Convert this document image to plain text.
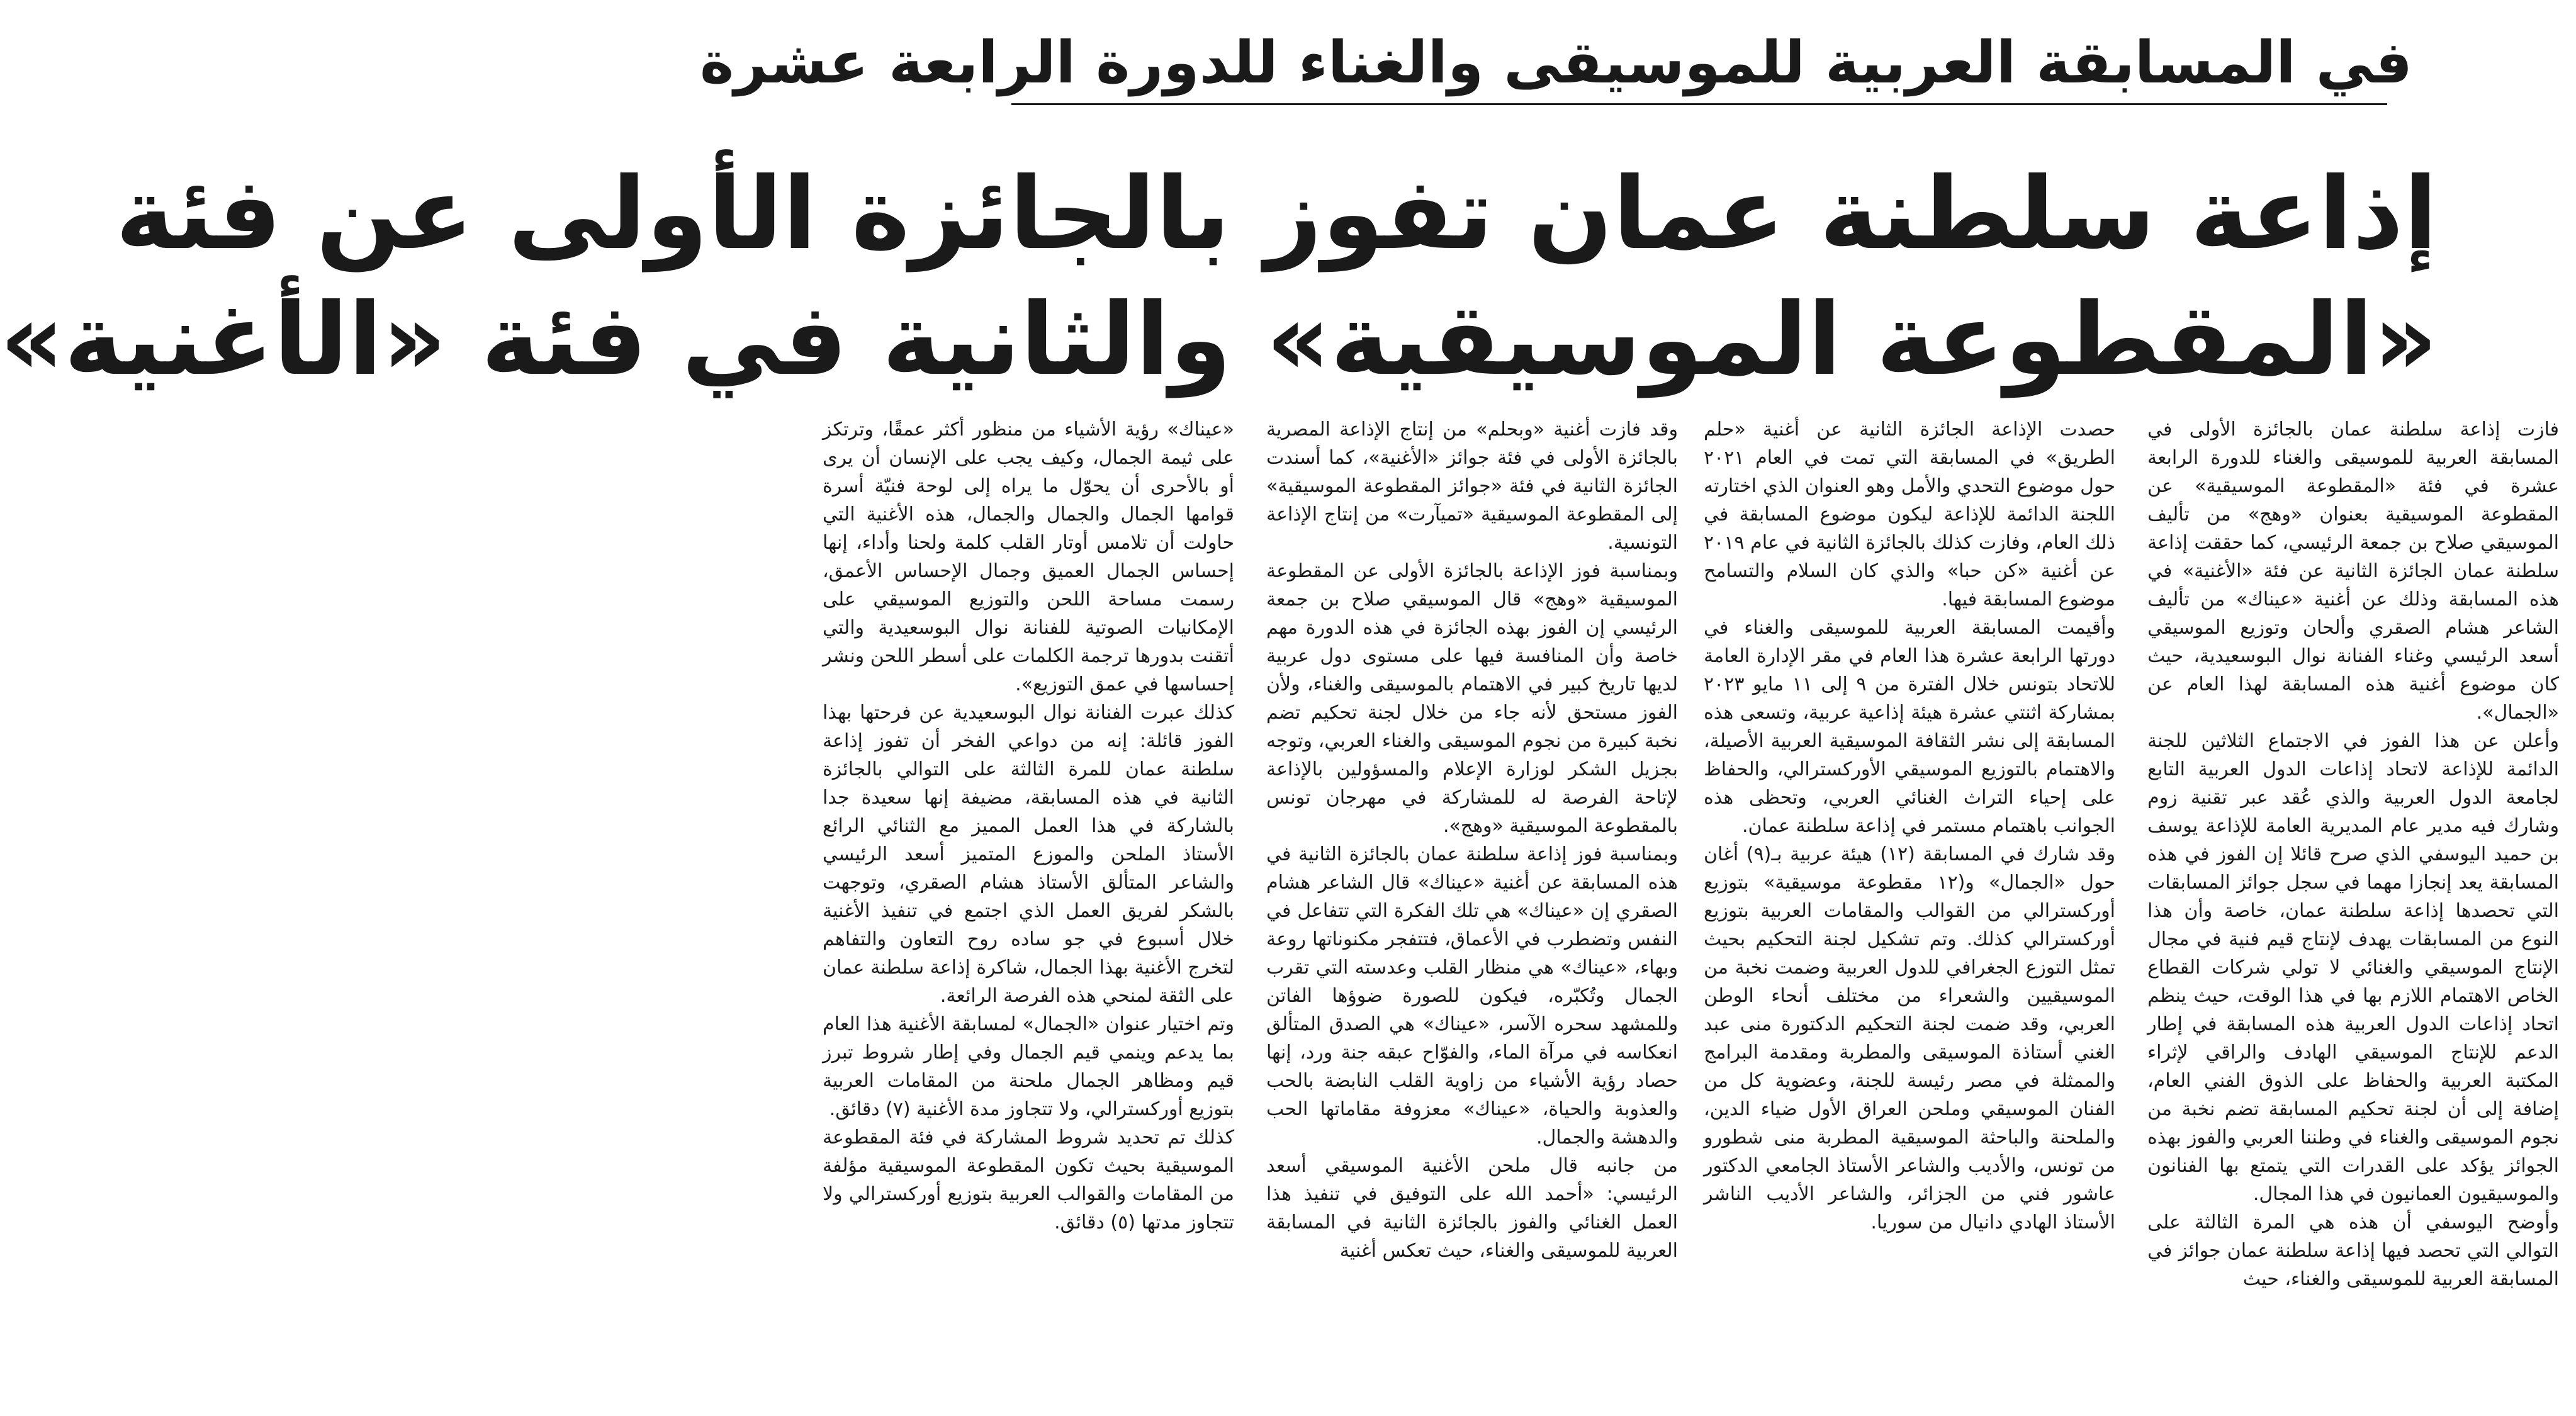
في المسابقة العربية للموسيقى والغناء للدورة الرابعة عشرة
إذاعة سلطنة عمان تفوز بالجائزة الأولى عن فئة
«المقطوعة الموسيقية» والثانية في فئة «الأغنية»

فازت إذاعة سلطنة عمان بالجائزة الأولى في المسابقة العربية للموسيقى والغناء للدورة الرابعة عشرة في فئة «المقطوعة الموسيقية» عن المقطوعة الموسيقية بعنوان «وهج» من تأليف الموسيقي صلاح بن جمعة الرئيسي، كما حققت إذاعة سلطنة عمان الجائزة الثانية عن فئة «الأغنية» في هذه المسابقة وذلك عن أغنية «عيناك» من تأليف الشاعر هشام الصقري وألحان وتوزيع الموسيقي أسعد الرئيسي وغناء الفنانة نوال البوسعيدية، حيث كان موضوع أغنية هذه المسابقة لهذا العام عن «الجمال».

وأعلن عن هذا الفوز في الاجتماع الثلاثين للجنة الدائمة للإذاعة لاتحاد إذاعات الدول العربية التابع لجامعة الدول العربية والذي عُقد عبر تقنية زوم وشارك فيه مدير عام المديرية العامة للإذاعة يوسف بن حميد اليوسفي الذي صرح قائلا إن الفوز في هذه المسابقة يعد إنجازا مهما في سجل جوائز المسابقات التي تحصدها إذاعة سلطنة عمان، خاصة وأن هذا النوع من المسابقات يهدف لإنتاج قيم فنية في مجال الإنتاج الموسيقي والغنائي لا تولي شركات القطاع الخاص الاهتمام اللازم بها في هذا الوقت، حيث ينظم اتحاد إذاعات الدول العربية هذه المسابقة في إطار الدعم للإنتاج الموسيقي الهادف والراقي لإثراء المكتبة العربية والحفاظ على الذوق الفني العام، إضافة إلى أن لجنة تحكيم المسابقة تضم نخبة من نجوم الموسيقى والغناء في وطننا العربي والفوز بهذه الجوائز يؤكد على القدرات التي يتمتع بها الفنانون والموسيقيون العمانيون في هذا المجال.

وأوضح اليوسفي أن هذه هي المرة الثالثة على التوالي التي تحصد فيها إذاعة سلطنة عمان جوائز في المسابقة العربية للموسيقى والغناء، حيث

حصدت الإذاعة الجائزة الثانية عن أغنية «حلم الطريق» في المسابقة التي تمت في العام ٢٠٢١ حول موضوع التحدي والأمل وهو العنوان الذي اختارته اللجنة الدائمة للإذاعة ليكون موضوع المسابقة في ذلك العام، وفازت كذلك بالجائزة الثانية في عام ٢٠١٩ عن أغنية «كن حبا» والذي كان السلام والتسامح موضوع المسابقة فيها.

وأقيمت المسابقة العربية للموسيقى والغناء في دورتها الرابعة عشرة هذا العام في مقر الإدارة العامة للاتحاد بتونس خلال الفترة من ٩ إلى ١١ مايو ٢٠٢٣ بمشاركة اثنتي عشرة هيئة إذاعية عربية، وتسعى هذه المسابقة إلى نشر الثقافة الموسيقية العربية الأصيلة، والاهتمام بالتوزيع الموسيقي الأوركسترالي، والحفاظ على إحياء التراث الغنائي العربي، وتحظى هذه الجوانب باهتمام مستمر في إذاعة سلطنة عمان.

وقد شارك في المسابقة (١٢) هيئة عربية بـ(٩) أغان حول «الجمال» و(١٢ مقطوعة موسيقية» بتوزيع أوركسترالي من القوالب والمقامات العربية بتوزيع أوركسترالي كذلك. وتم تشكيل لجنة التحكيم بحيث تمثل التوزع الجغرافي للدول العربية وضمت نخبة من الموسيقيين والشعراء من مختلف أنحاء الوطن العربي، وقد ضمت لجنة التحكيم الدكتورة منى عبد الغني أستاذة الموسيقى والمطربة ومقدمة البرامج والممثلة في مصر رئيسة للجنة، وعضوية كل من الفنان الموسيقي وملحن العراق الأول ضياء الدين، والملحنة والباحثة الموسيقية المطربة منى شطورو من تونس، والأديب والشاعر الأستاذ الجامعي الدكتور عاشور فني من الجزائر، والشاعر الأديب الناشر الأستاذ الهادي دانيال من سوريا.

وقد فازت أغنية «وبحلم» من إنتاج الإذاعة المصرية بالجائزة الأولى في فئة جوائز «الأغنية»، كما أسندت الجائزة الثانية في فئة «جوائز المقطوعة الموسيقية» إلى المقطوعة الموسيقية «تميآرت» من إنتاج الإذاعة التونسية.

وبمناسبة فوز الإذاعة بالجائزة الأولى عن المقطوعة الموسيقية «وهج» قال الموسيقي صلاح بن جمعة الرئيسي إن الفوز بهذه الجائزة في هذه الدورة مهم خاصة وأن المنافسة فيها على مستوى دول عربية لديها تاريخ كبير في الاهتمام بالموسيقى والغناء، ولأن الفوز مستحق لأنه جاء من خلال لجنة تحكيم تضم نخبة كبيرة من نجوم الموسيقى والغناء العربي، وتوجه بجزيل الشكر لوزارة الإعلام والمسؤولين بالإذاعة لإتاحة الفرصة له للمشاركة في مهرجان تونس بالمقطوعة الموسيقية «وهج».

وبمناسبة فوز إذاعة سلطنة عمان بالجائزة الثانية في هذه المسابقة عن أغنية «عيناك» قال الشاعر هشام الصقري إن «عيناك» هي تلك الفكرة التي تتفاعل في النفس وتضطرب في الأعماق، فتتفجر مكنوناتها روعة وبهاء، «عيناك» هي منظار القلب وعدسته التي تقرب الجمال وتُكبّره، فيكون للصورة ضوؤها الفاتن وللمشهد سحره الآسر، «عيناك» هي الصدق المتألق انعكاسه في مرآة الماء، والفوّاح عبقه جنة ورد، إنها حصاد رؤية الأشياء من زاوية القلب النابضة بالحب والعذوبة والحياة، «عيناك» معزوفة مقاماتها الحب والدهشة والجمال.

من جانبه قال ملحن الأغنية الموسيقي أسعد الرئيسي: «أحمد الله على التوفيق في تنفيذ هذا العمل الغنائي والفوز بالجائزة الثانية في المسابقة العربية للموسيقى والغناء، حيث تعكس أغنية

«عيناك» رؤية الأشياء من منظور أكثر عمقًا، وترتكز على ثيمة الجمال، وكيف يجب على الإنسان أن يرى أو بالأحرى أن يحوّل ما يراه إلى لوحة فنيّة أسرة قوامها الجمال والجمال والجمال، هذه الأغنية التي حاولت أن تلامس أوتار القلب كلمة ولحنا وأداء، إنها إحساس الجمال العميق وجمال الإحساس الأعمق، رسمت مساحة اللحن والتوزيع الموسيقي على الإمكانيات الصوتية للفنانة نوال البوسعيدية والتي أتقنت بدورها ترجمة الكلمات على أسطر اللحن ونشر إحساسها في عمق التوزيع».

كذلك عبرت الفنانة نوال البوسعيدية عن فرحتها بهذا الفوز قائلة: إنه من دواعي الفخر أن تفوز إذاعة سلطنة عمان للمرة الثالثة على التوالي بالجائزة الثانية في هذه المسابقة، مضيفة إنها سعيدة جدا بالشاركة في هذا العمل المميز مع الثنائي الرائع الأستاذ الملحن والموزع المتميز أسعد الرئيسي والشاعر المتألق الأستاذ هشام الصقري، وتوجهت بالشكر لفريق العمل الذي اجتمع في تنفيذ الأغنية خلال أسبوع في جو ساده روح التعاون والتفاهم لتخرج الأغنية بهذا الجمال، شاكرة إذاعة سلطنة عمان على الثقة لمنحي هذه الفرصة الرائعة.

وتم اختيار عنوان «الجمال» لمسابقة الأغنية هذا العام بما يدعم وينمي قيم الجمال وفي إطار شروط تبرز قيم ومظاهر الجمال ملحنة من المقامات العربية بتوزيع أوركسترالي، ولا تتجاوز مدة الأغنية (٧) دقائق.

كذلك تم تحديد شروط المشاركة في فئة المقطوعة الموسيقية بحيث تكون المقطوعة الموسيقية مؤلفة من المقامات والقوالب العربية بتوزيع أوركسترالي ولا تتجاوز مدتها (٥) دقائق.
